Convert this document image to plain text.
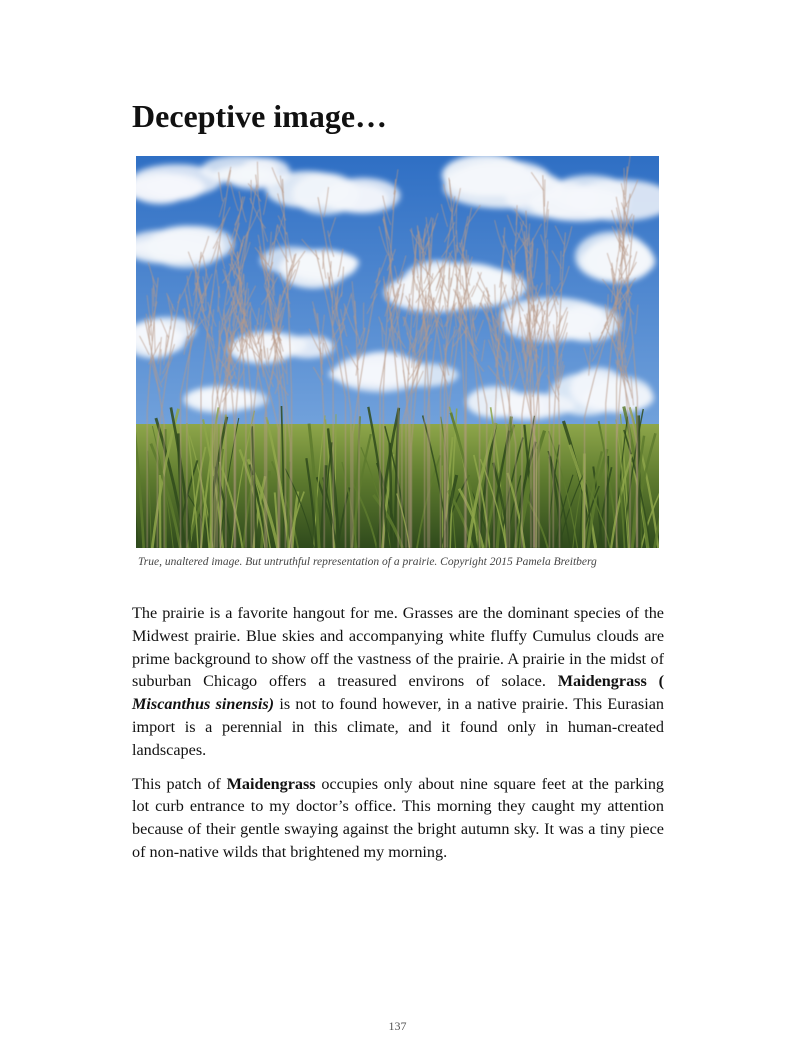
Deceptive image…
True, unaltered image. But untruthful representation of a prairie. Copyright 2015 Pamela Breitberg

The prairie is a favorite hangout for me. Grasses are the dominant species of the Midwest prairie. Blue skies and accompanying white fluffy Cumulus clouds are prime background to show off the vastness of the prairie. A prairie in the midst of suburban Chicago offers a treasured environs of solace. Maidengrass ( Miscanthus sinensis) is not to found however, in a native prairie. This Eurasian import is a perennial in this climate, and it found only in human-created landscapes.

This patch of Maidengrass occupies only about nine square feet at the parking lot curb entrance to my doctor’s office. This morning they caught my attention because of their gentle swaying against the bright autumn sky. It was a tiny piece of non-native wilds that brightened my morning.

137
